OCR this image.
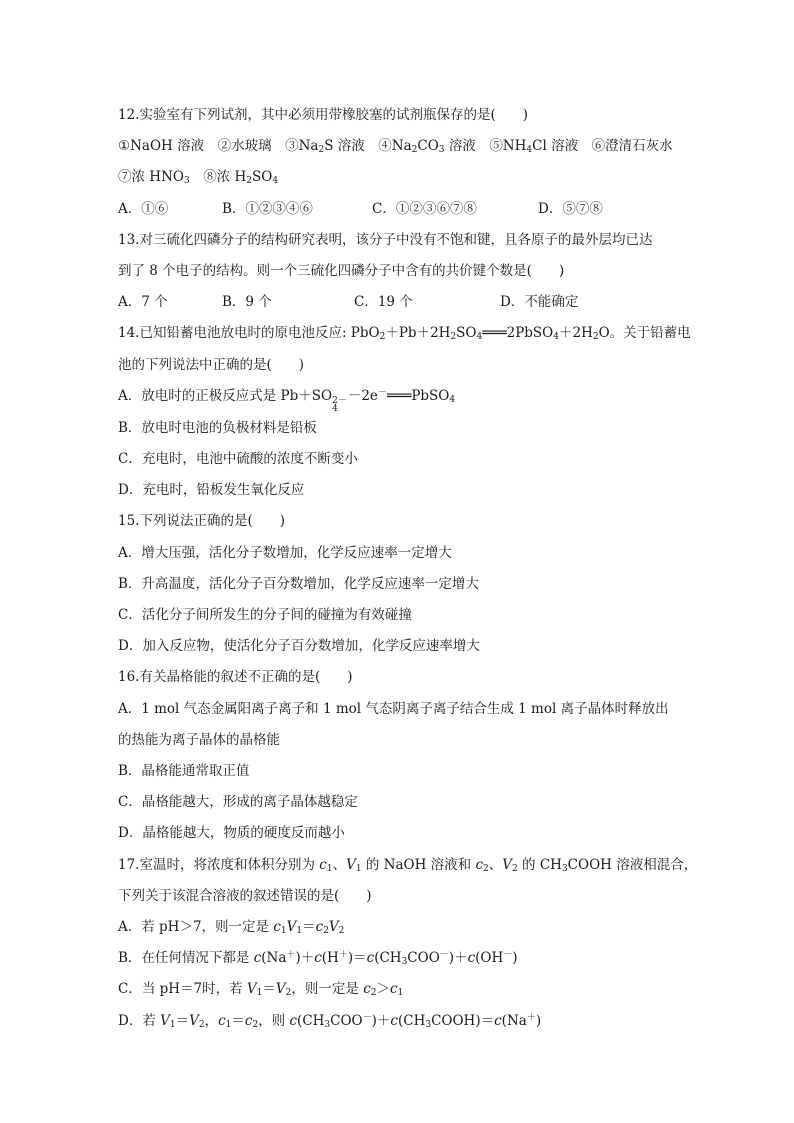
12.实验室有下列试剂，其中必须用带橡胶塞的试剂瓶保存的是(　　)
①NaOH 溶液　 ②水玻璃　 $③Na_2S$ 溶液　 $④Na_2CO_3$ 溶液　 $⑤NH_4Cl$ 溶液　 ⑥澄清石灰水
⑦浓 $HNO_3$　 ⑧浓 $H_2SO_4$
A．①⑥	B．①②③④⑥	C．①②③⑥⑦⑧	D．⑤⑦⑧
13.对三硫化四磷分子的结构研究表明，该分子中没有不饱和键，且各原子的最外层均已达
到了 8 个电子的结构。则一个三硫化四磷分子中含有的共价键个数是(　　)
A．7 个	B．9 个	C．19 个	D．不能确定
14.已知铅蓄电池放电时的原电池反应: $PbO_2+Pb+2H_2SO_4═══2PbSO_4+2H_2O$。关于铅蓄电
池的下列说法中正确的是(　　)
A．放电时的正极反应式是 Pb＋SO 2－
4
－2e－═══PbSO$_4$
B．放电时电池的负极材料是铅板
C．充电时，电池中硫酸的浓度不断变小
D．充电时，铅板发生氧化反应
15.下列说法正确的是(　　)
A．增大压强，活化分子数增加，化学反应速率一定增大
B．升高温度，活化分子百分数增加，化学反应速率一定增大
C．活化分子间所发生的分子间的碰撞为有效碰撞
D．加入反应物，使活化分子百分数增加，化学反应速率增大
16.有关晶格能的叙述不正确的是(　　)
A．1 mol 气态金属阳离子离子和 1 mol 气态阴离子离子结合生成 1 mol 离子晶体时释放出
的热能为离子晶体的晶格能
B．晶格能通常取正值
C．晶格能越大，形成的离子晶体越稳定
D．晶格能越大，物质的硬度反而越小
17.室温时，将浓度和体积分别为 $c_1$、$V_1$ 的 NaOH 溶液和 $c_2$、$V_2$ 的 $CH_3COOH$ 溶液相混合，
下列关于该混合溶液的叙述错误的是(　　)
A．若 pH＞7，则一定是 $c_1V_1=c_2V_2$
B．在任何情况下都是 $c(Na^+)+c(H^+)=c(CH_3COO^-)+c(OH^-)$
C．当 pH＝7时，若 $V_1=V_2$，则一定是 $c_2>c_1$
D．若 $V_1=V_2$，$c_1=c_2$，则 $c(CH_3COO^-)+c(CH_3COOH)=c(Na^+)$
